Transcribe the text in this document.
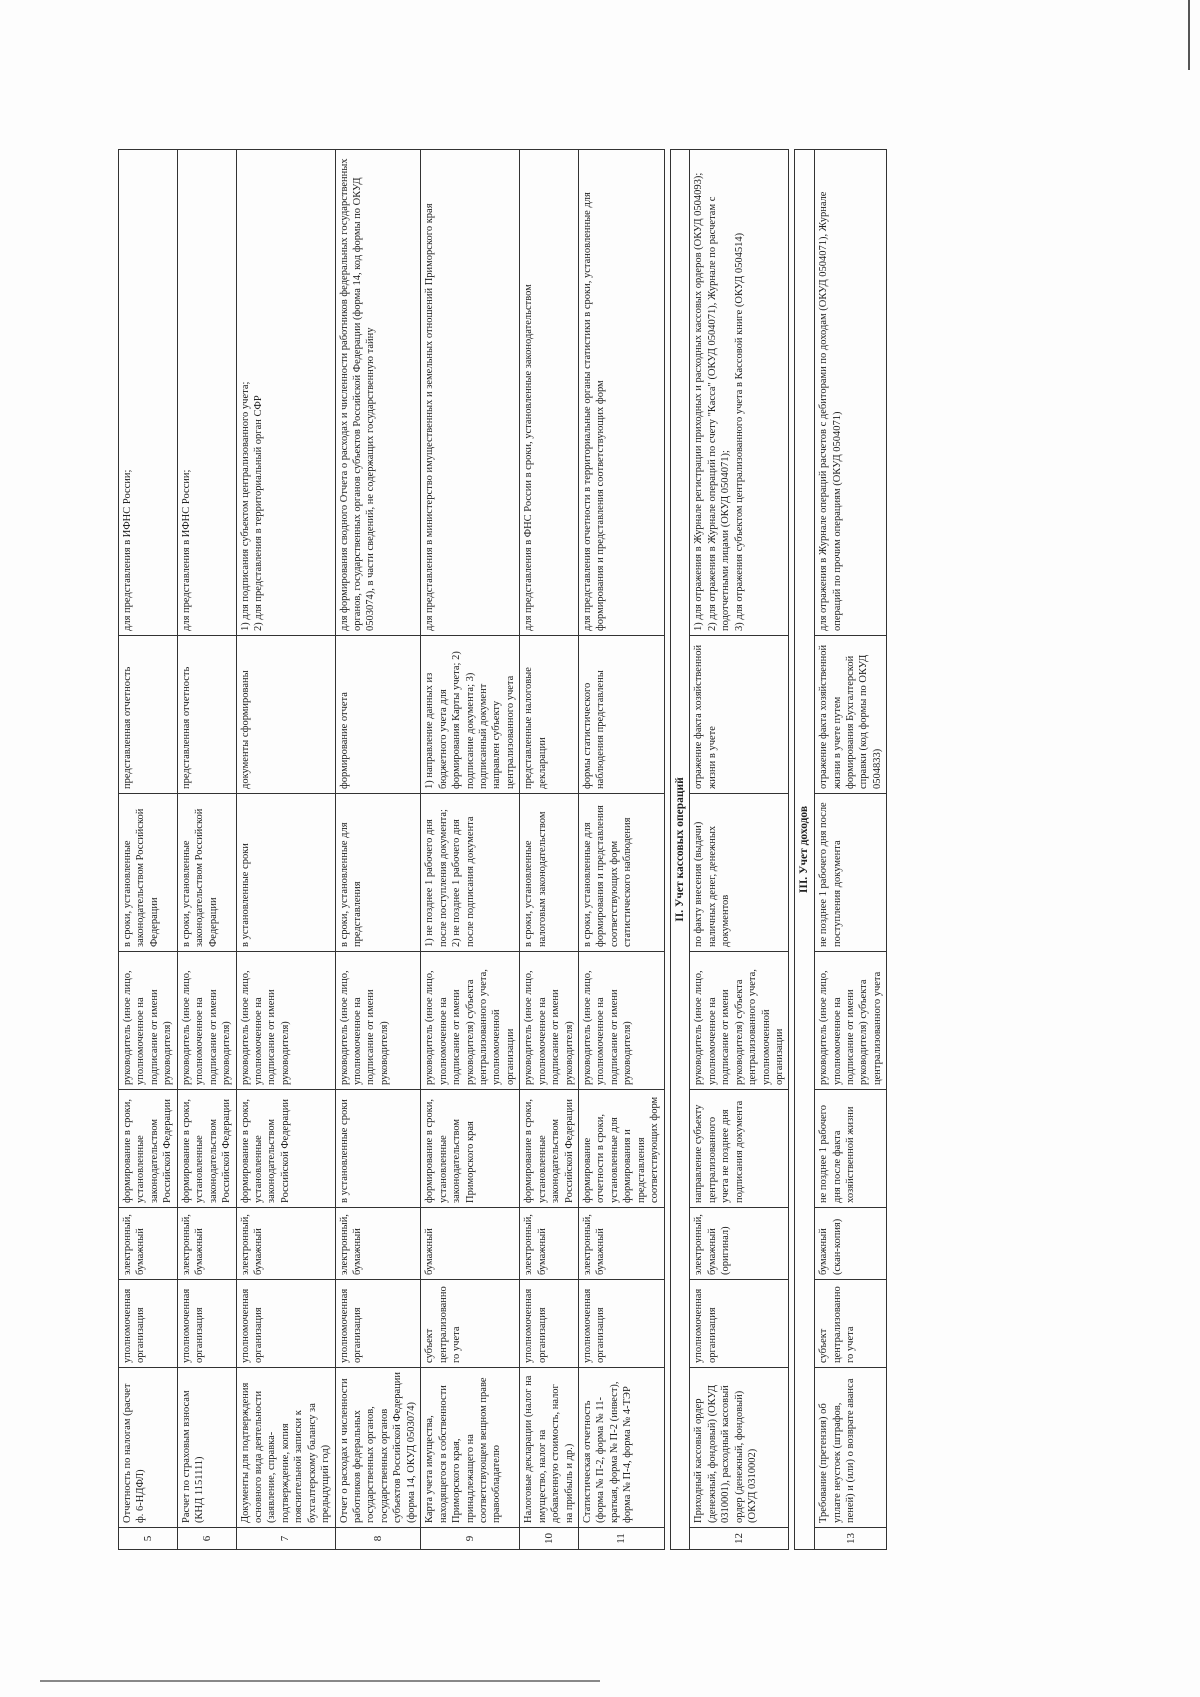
5	Отчетность по налогам (расчет ф. 6-НДФЛ)	уполномоченная организация	электронный, бумажный	формирование в сроки, установленные законодательством Российской Федерации	руководитель (иное лицо, уполномоченное на подписание от имени руководителя)	в сроки, установленные законодательством Российской Федерации	представленная отчетность	для представления в ИФНС России;
6	Расчет по страховым взносам (КНД 1151111)	уполномоченная организация	электронный, бумажный	формирование в сроки, установленные законодательством Российской Федерации	руководитель (иное лицо, уполномоченное на подписание от имени руководителя)	в сроки, установленные законодательством Российской Федерации	представленная отчетность	для представления в ИФНС России;
7	Документы для подтверждения основного вида деятельности (заявление, справка-подтверждение, копия пояснительной записки к бухгалтерскому балансу за предыдущий год)	уполномоченная организация	электронный, бумажный	формирование в сроки, установленные законодательством Российской Федерации	руководитель (иное лицо, уполномоченное на подписание от имени руководителя)	в установленные сроки	документы сформированы	1) для подписания субъектом централизованного учета; 2) для представления в территориальный орган СФР
8	Отчет о расходах и численности работников федеральных государственных органов, государственных органов субъектов Российской Федерации (форма 14, ОКУД 0503074)	уполномоченная организация	электронный, бумажный	в установленные сроки	руководитель (иное лицо, уполномоченное на подписание от имени руководителя)	в сроки, установленные для представления	формирование отчета	для формирования сводного Отчета о расходах и численности работников федеральных государственных органов, государственных органов субъектов Российской Федерации (форма 14, код формы по ОКУД 0503074), в части сведений, не содержащих государственную тайну
9	Карта учета имущества, находящегося в собственности Приморского края, принадлежащего на соответствующем вещном праве правообладателю	субъект централизованного учета	бумажный	формирование в сроки, установленные законодательством Приморского края	руководитель (иное лицо, уполномоченное на подписание от имени руководителя) субъекта централизованного учета, уполномоченной организации	1) не позднее 1 рабочего дня после поступления документа; 2) не позднее 1 рабочего дня после подписания документа	1) направление данных из бюджетного учета для формирования Карты учета; 2) подписание документа; 3) подписанный документ направлен субъекту централизованного учета	для представления в министерство имущественных и земельных отношений Приморского края
10	Налоговые декларации (налог на имущество, налог на добавленную стоимость, налог на прибыль и др.)	уполномоченная организация	электронный, бумажный	формирование в сроки, установленные законодательством Российской Федерации	руководитель (иное лицо, уполномоченное на подписание от имени руководителя)	в сроки, установленные налоговым законодательством	представленные налоговые декларации	для представления в ФНС России в сроки, установленные законодательством
11	Статистическая отчетность (форма № П-2, форма № 11-краткая, форма № П-2 (инвест), форма № П-4, форма № 4-ТЭР	уполномоченная организация	электронный, бумажный	формирование отчетности в сроки, установленные для формирования и представления соответствующих форм	руководитель (иное лицо, уполномоченное на подписание от имени руководителя)	в сроки, установленные для формирования и представления соответствующих форм статистического наблюдения	формы статистического наблюдения представлены	для представления отчетности в территориальные органы статистики в сроки, установленные для формирования и представления соответствующих форм

II. Учет кассовых операций								
12	Приходный кассовый ордер (денежный, фондовый) (ОКУД 0310001), расходный кассовый ордер (денежный, фондовый) (ОКУД 0310002)	уполномоченная организация	электронный, бумажный (оригинал)	направление субъекту централизованного учета не позднее дня подписания документа	руководитель (иное лицо, уполномоченное на подписание от имени руководителя) субъекта централизованного учета, уполномоченной организации	по факту внесения (выдачи) наличных денег, денежных документов	отражение факта хозяйственной жизни в учете	1) для отражения в Журнале регистрации приходных и расходных кассовых ордеров (ОКУД 0504093); 2) для отражения в Журнале операций по счету "Касса" (ОКУД 0504071), Журнале по расчетам с подотчетными лицами (ОКУД 0504071); 3) для отражения субъектом централизованного учета в Кассовой книге (ОКУД 0504514)

III. Учет доходов								
13	Требование (претензия) об уплате неустоек (штрафов, пеней) и (или) о возврате аванса	субъект централизованного учета	бумажный (скан-копия)	не позднее 1 рабочего дня после факта хозяйственной жизни	руководитель (иное лицо, уполномоченное на подписание от имени руководителя) субъекта централизованного учета	не позднее 1 рабочего дня после поступления документа	отражение факта хозяйственной жизни в учете путем формирования Бухгалтерской справки (код формы по ОКУД 0504833)	для отражения в Журнале операций расчетов с дебиторами по доходам (ОКУД 0504071), Журнале операций по прочим операциям (ОКУД 0504071)
